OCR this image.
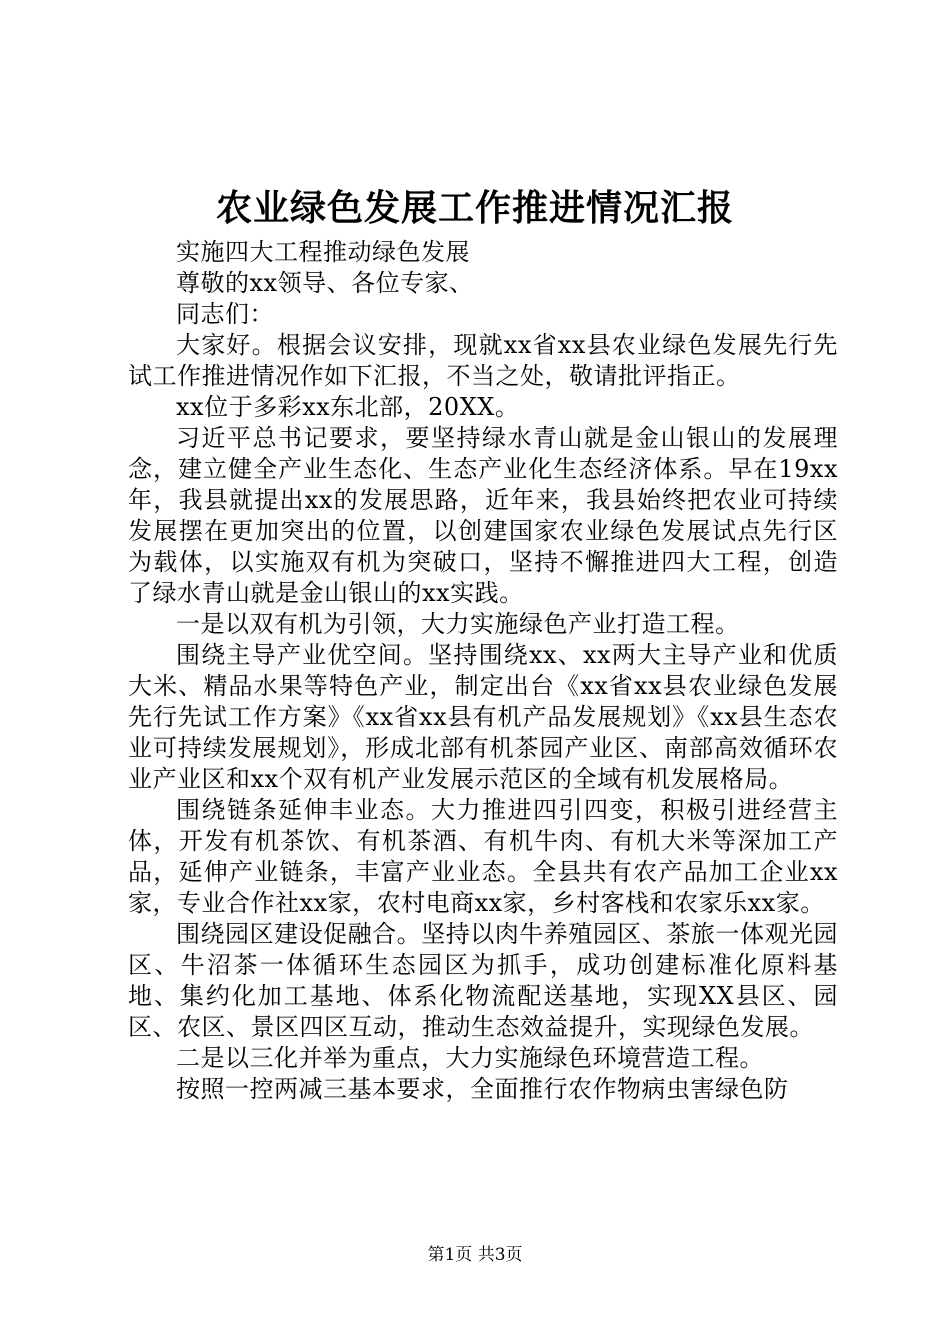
农业绿色发展工作推进情况汇报

实施四大工程推动绿色发展

尊敬的xx领导、各位专家、

同志们：

大家好。根据会议安排，现就xx省xx县农业绿色发展先行先试工作推进情况作如下汇报，不当之处，敬请批评指正。

xx位于多彩xx东北部，20XX。

习近平总书记要求，要坚持绿水青山就是金山银山的发展理念，建立健全产业生态化、生态产业化生态经济体系。早在19xx年，我县就提出xx的发展思路，近年来，我县始终把农业可持续发展摆在更加突出的位置，以创建国家农业绿色发展试点先行区为载体，以实施双有机为突破口，坚持不懈推进四大工程，创造了绿水青山就是金山银山的xx实践。

一是以双有机为引领，大力实施绿色产业打造工程。

围绕主导产业优空间。坚持围绕xx、xx两大主导产业和优质大米、精品水果等特色产业，制定出台《xx省xx县农业绿色发展先行先试工作方案》《xx省xx县有机产品发展规划》《xx县生态农业可持续发展规划》，形成北部有机茶园产业区、南部高效循环农业产业区和xx个双有机产业发展示范区的全域有机发展格局。

围绕链条延伸丰业态。大力推进四引四变，积极引进经营主体，开发有机茶饮、有机茶酒、有机牛肉、有机大米等深加工产品，延伸产业链条，丰富产业业态。全县共有农产品加工企业xx家，专业合作社xx家，农村电商xx家，乡村客栈和农家乐xx家。

围绕园区建设促融合。坚持以肉牛养殖园区、茶旅一体观光园区、牛沼茶一体循环生态园区为抓手，成功创建标准化原料基地、集约化加工基地、体系化物流配送基地，实现XX县区、园区、农区、景区四区互动，推动生态效益提升，实现绿色发展。

二是以三化并举为重点，大力实施绿色环境营造工程。

按照一控两减三基本要求，全面推行农作物病虫害绿色防

第1页 共3页
